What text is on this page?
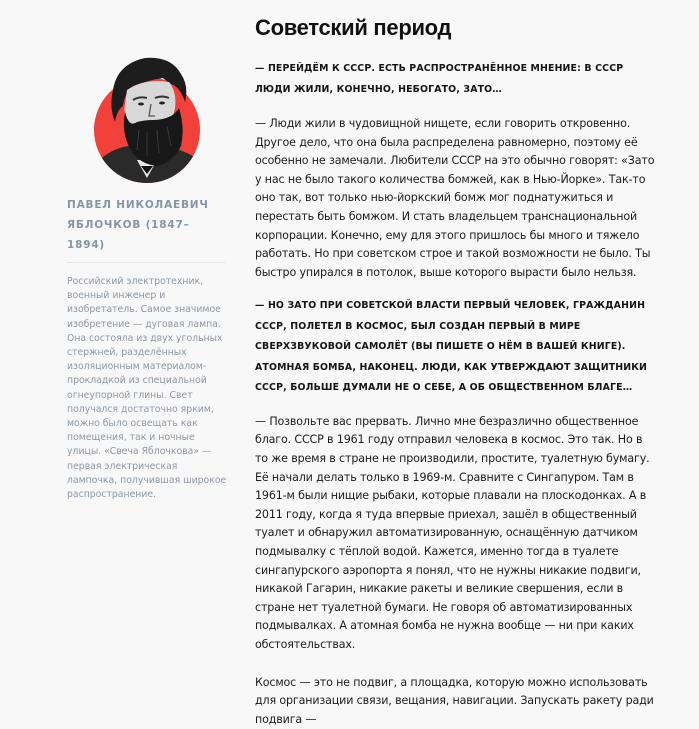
ПАВЕЛ НИКОЛАЕВИЧ
ЯБЛОЧКОВ (1847–1894)

Российский электротехник, военный инженер и изобретатель. Самое значимое изобретение — дуговая лампа. Она состояла из двух угольных стержней, разделённых изоляционным материалом-прокладкой из специальной огнеупорной глины. Свет получался достаточно ярким, можно было освещать как помещения, так и ночные улицы. «Свеча Яблочкова» — первая электрическая лампочка, получившая широкое распространение.

Советский период

— ПЕРЕЙДЁМ К СССР. ЕСТЬ РАСПРОСТРАНЁННОЕ МНЕНИЕ: В СССР ЛЮДИ ЖИЛИ, КОНЕЧНО, НЕБОГАТО, ЗАТО…

— Люди жили в чудовищной нищете, если говорить откровенно. Другое дело, что она была распределена равномерно, поэтому её особенно не замечали. Любители СССР на это обычно говорят: «Зато у нас не было такого количества бомжей, как в Нью-Йорке». Так-то оно так, вот только нью-йоркский бомж мог поднатужиться и перестать быть бомжом. И стать владельцем транснациональной корпорации. Конечно, ему для этого пришлось бы много и тяжело работать. Но при советском строе и такой возможности не было. Ты быстро упирался в потолок, выше которого вырасти было нельзя.

— НО ЗАТО ПРИ СОВЕТСКОЙ ВЛАСТИ ПЕРВЫЙ ЧЕЛОВЕК, ГРАЖДАНИН СССР, ПОЛЕТЕЛ В КОСМОС, БЫЛ СОЗДАН ПЕРВЫЙ В МИРЕ СВЕРХЗВУКОВОЙ САМОЛЁТ (ВЫ ПИШЕТЕ О НЁМ В ВАШЕЙ КНИГЕ). АТОМНАЯ БОМБА, НАКОНЕЦ. ЛЮДИ, КАК УТВЕРЖДАЮТ ЗАЩИТНИКИ СССР, БОЛЬШЕ ДУМАЛИ НЕ О СЕБЕ, А ОБ ОБЩЕСТВЕННОМ БЛАГЕ…

— Позвольте вас прервать. Лично мне безразлично общественное благо. СССР в 1961 году отправил человека в космос. Это так. Но в то же время в стране не производили, простите, туалетную бумагу. Её начали делать только в 1969-м. Сравните с Сингапуром. Там в 1961-м были нищие рыбаки, которые плавали на плоскодонках. А в 2011 году, когда я туда впервые приехал, зашёл в общественный туалет и обнаружил автоматизированную, оснащённую датчиком подмывалку с тёплой водой. Кажется, именно тогда в туалете сингапурского аэропорта я понял, что не нужны никакие подвиги, никакой Гагарин, никакие ракеты и великие свершения, если в стране нет туалетной бумаги. Не говоря об автоматизированных подмывалках. А атомная бомба не нужна вообще — ни при каких обстоятельствах.

Космос — это не подвиг, а площадка, которую можно использовать для организации связи, вещания, навигации. Запускать ракету ради подвига —
